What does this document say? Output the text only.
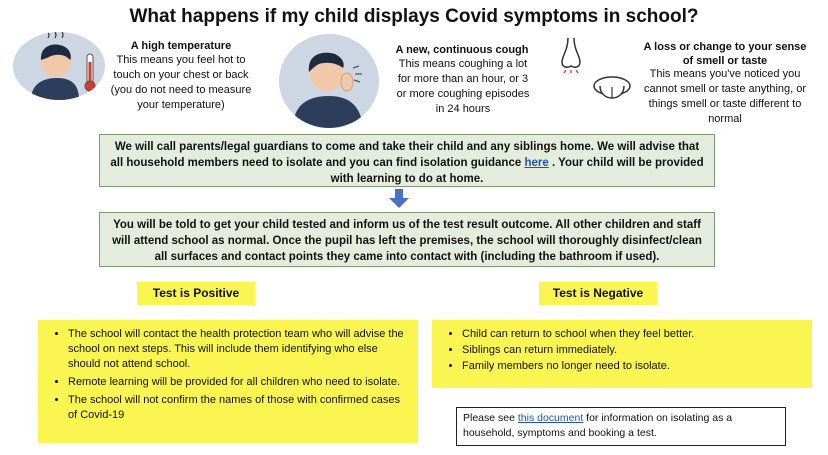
What happens if my child displays Covid symptoms in school?
A high temperature
This means you feel hot to touch on your chest or back (you do not need to measure your temperature)
A new, continuous cough
This means coughing a lot for more than an hour, or 3 or more coughing episodes in 24 hours
A loss or change to your sense of smell or taste
This means you've noticed you cannot smell or taste anything, or things smell or taste different to normal
We will call parents/legal guardians to come and take their child and any siblings home. We will advise that all household members need to isolate and you can find isolation guidance here . Your child will be provided with learning to do at home.
You will be told to get your child tested and inform us of the test result outcome. All other children and staff will attend school as normal. Once the pupil has left the premises, the school will thoroughly disinfect/clean all surfaces and contact points they came into contact with (including the bathroom if used).
Test is Positive	Test is Negative
• The school will contact the health protection team who will advise the school on next steps. This will include them identifying who else should not attend school.
• Remote learning will be provided for all children who need to isolate.
• The school will not confirm the names of those with confirmed cases of Covid-19
• Child can return to school when they feel better.
• Siblings can return immediately.
• Family members no longer need to isolate.
Please see this document for information on isolating as a household, symptoms and booking a test.
